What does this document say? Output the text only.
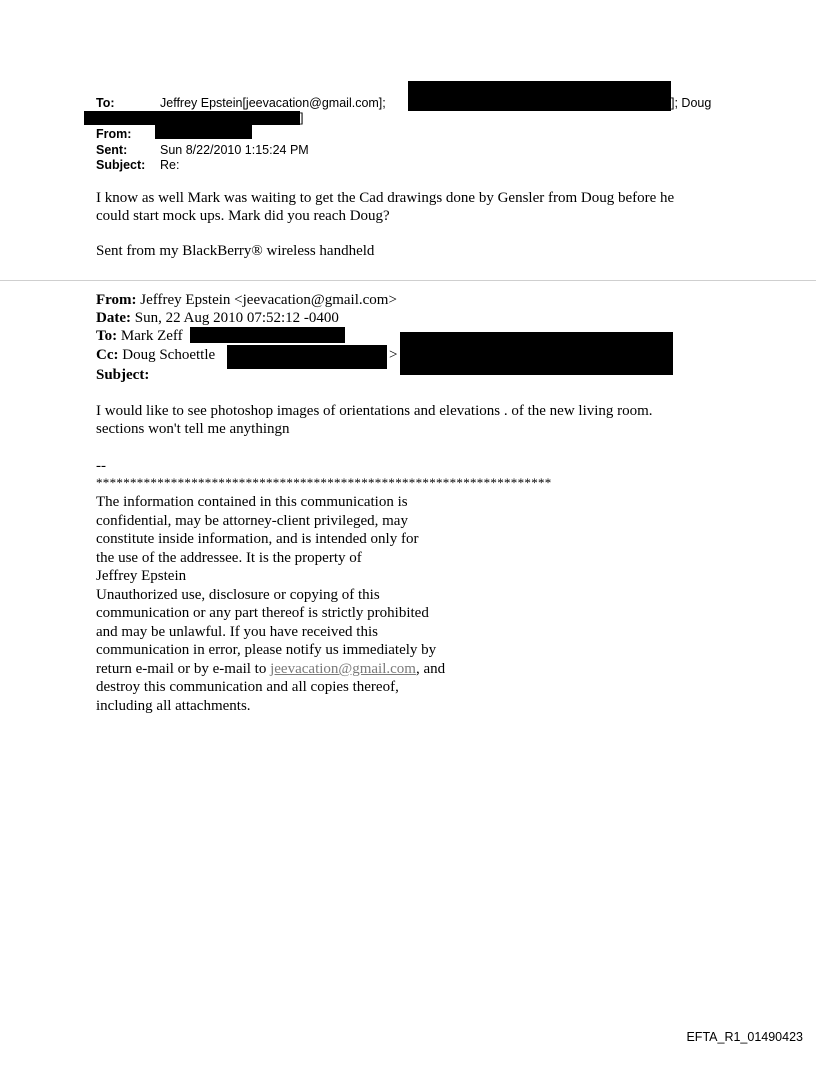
To:	Jeffrey Epstein[jeevacation@gmail.com];	]; Doug
]
From:
Sent:	Sun 8/22/2010 1:15:24 PM
Subject: Re:
I know as well Mark was waiting to get the Cad drawings done by Gensler from Doug before he
could start mock ups. Mark did you reach Doug?
Sent from my BlackBerry® wireless handheld
From: Jeffrey Epstein <jeevacation@gmail.com>
Date: Sun, 22 Aug 2010 07:52:12 -0400
To: Mark Zeff
Cc: Doug Schoettle	>
Subject:
I would like to see photoshop images of orientations and elevations . of the new living room.
sections won't tell me anythingn
--
*******************************************************************
The information contained in this communication is
confidential, may be attorney-client privileged, may
constitute inside information, and is intended only for
the use of the addressee. It is the property of
Jeffrey Epstein
Unauthorized use, disclosure or copying of this
communication or any part thereof is strictly prohibited
and may be unlawful. If you have received this
communication in error, please notify us immediately by
return e-mail or by e-mail to jeevacation@gmail.com, and
destroy this communication and all copies thereof,
including all attachments.
EFTA_R1_01490423
